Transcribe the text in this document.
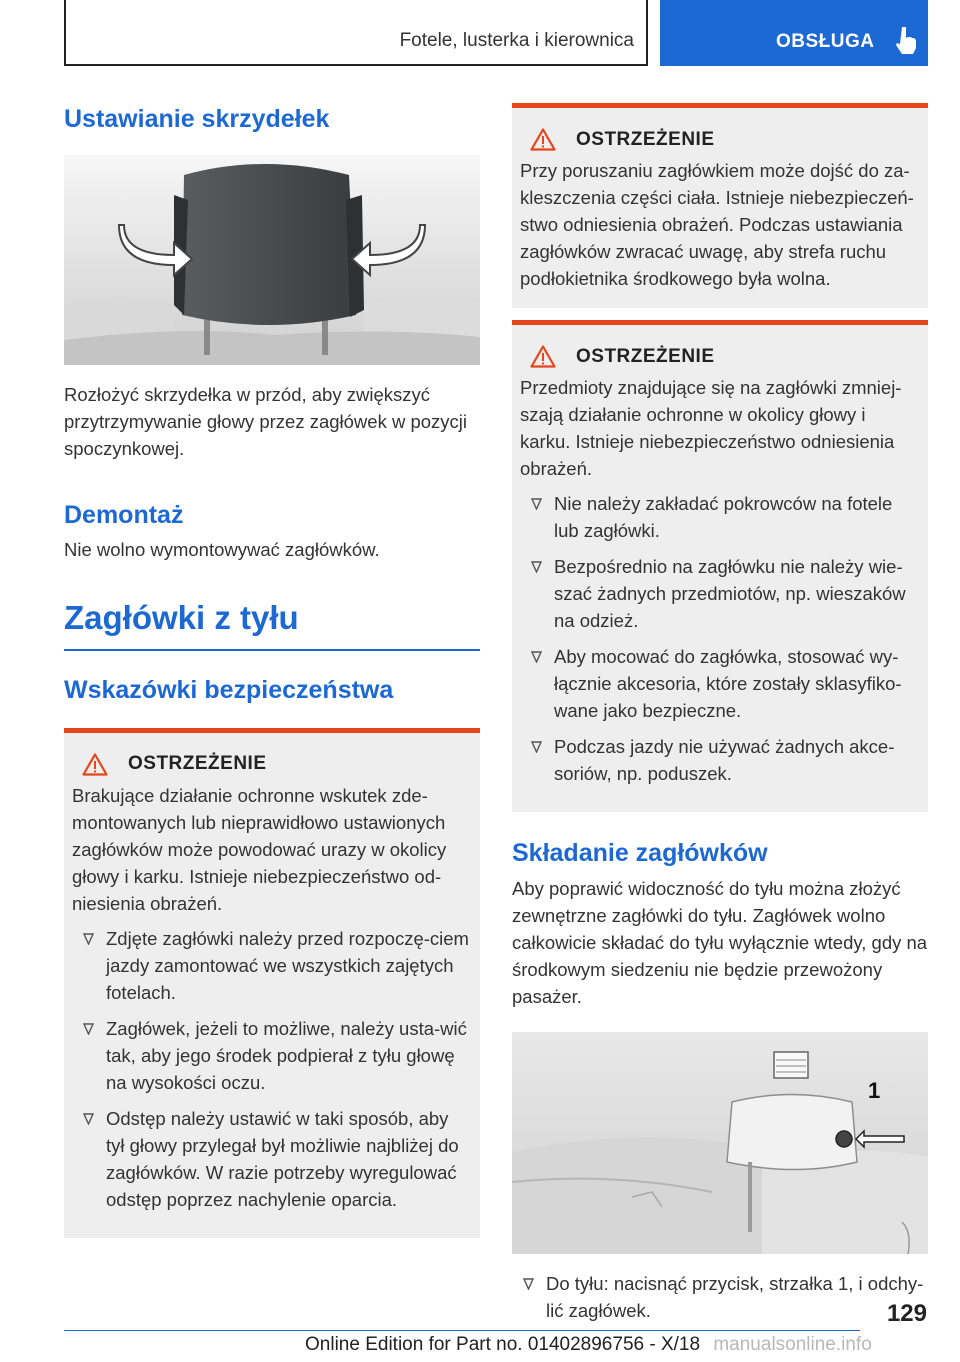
Fotele, lusterka i kierownica	OBSŁUGA
Ustawianie skrzydełek

Rozłożyć skrzydełka w przód, aby zwiększyć przytrzymywanie głowy przez zagłówek w pozycji spoczynkowej.

Demontaż

Nie wolno wymontowywać zagłówków.

Zagłówki z tyłu
Wskazówki bezpieczeństwa
OSTRZEŻENIE
Brakujące działanie ochronne wskutek zde-montowanych lub nieprawidłowo ustawionych zagłówków może powodować urazy w okolicy głowy i karku. Istnieje niebezpieczeństwo od-niesienia obrażeń.
Zdjęte zagłówki należy przed rozpoczę-ciem jazdy zamontować we wszystkich zajętych fotelach.
Zagłówek, jeżeli to możliwe, należy usta-wić tak, aby jego środek podpierał z tyłu głowę na wysokości oczu.
Odstęp należy ustawić w taki sposób, aby tył głowy przylegał był możliwie najbliżej do zagłówków. W razie potrzeby wyregulować odstęp poprzez nachylenie oparcia.
OSTRZEŻENIE
Przy poruszaniu zagłówkiem może dojść do za-kleszczenia części ciała. Istnieje niebezpieczeń-stwo odniesienia obrażeń. Podczas ustawiania zagłówków zwracać uwagę, aby strefa ruchu podłokietnika środkowego była wolna.
OSTRZEŻENIE
Przedmioty znajdujące się na zagłówki zmniej-szają działanie ochronne w okolicy głowy i karku. Istnieje niebezpieczeństwo odniesienia obrażeń.
Nie należy zakładać pokrowców na fotele lub zagłówki.
Bezpośrednio na zagłówku nie należy wie-szać żadnych przedmiotów, np. wieszaków na odzież.
Aby mocować do zagłówka, stosować wy-łącznie akcesoria, które zostały sklasyfiko-wane jako bezpieczne.
Podczas jazdy nie używać żadnych akce-soriów, np. poduszek.
Składanie zagłówków

Aby poprawić widoczność do tyłu można złożyć zewnętrzne zagłówki do tyłu. Zagłówek wolno całkowicie składać do tyłu wyłącznie wtedy, gdy na środkowym siedzeniu nie będzie przewożony pasażer.

1
Do tyłu: nacisnąć przycisk, strzałka 1, i odchy-lić zagłówek.	129
Online Edition for Part no. 01402896756 - X/18 manualsonline.info
